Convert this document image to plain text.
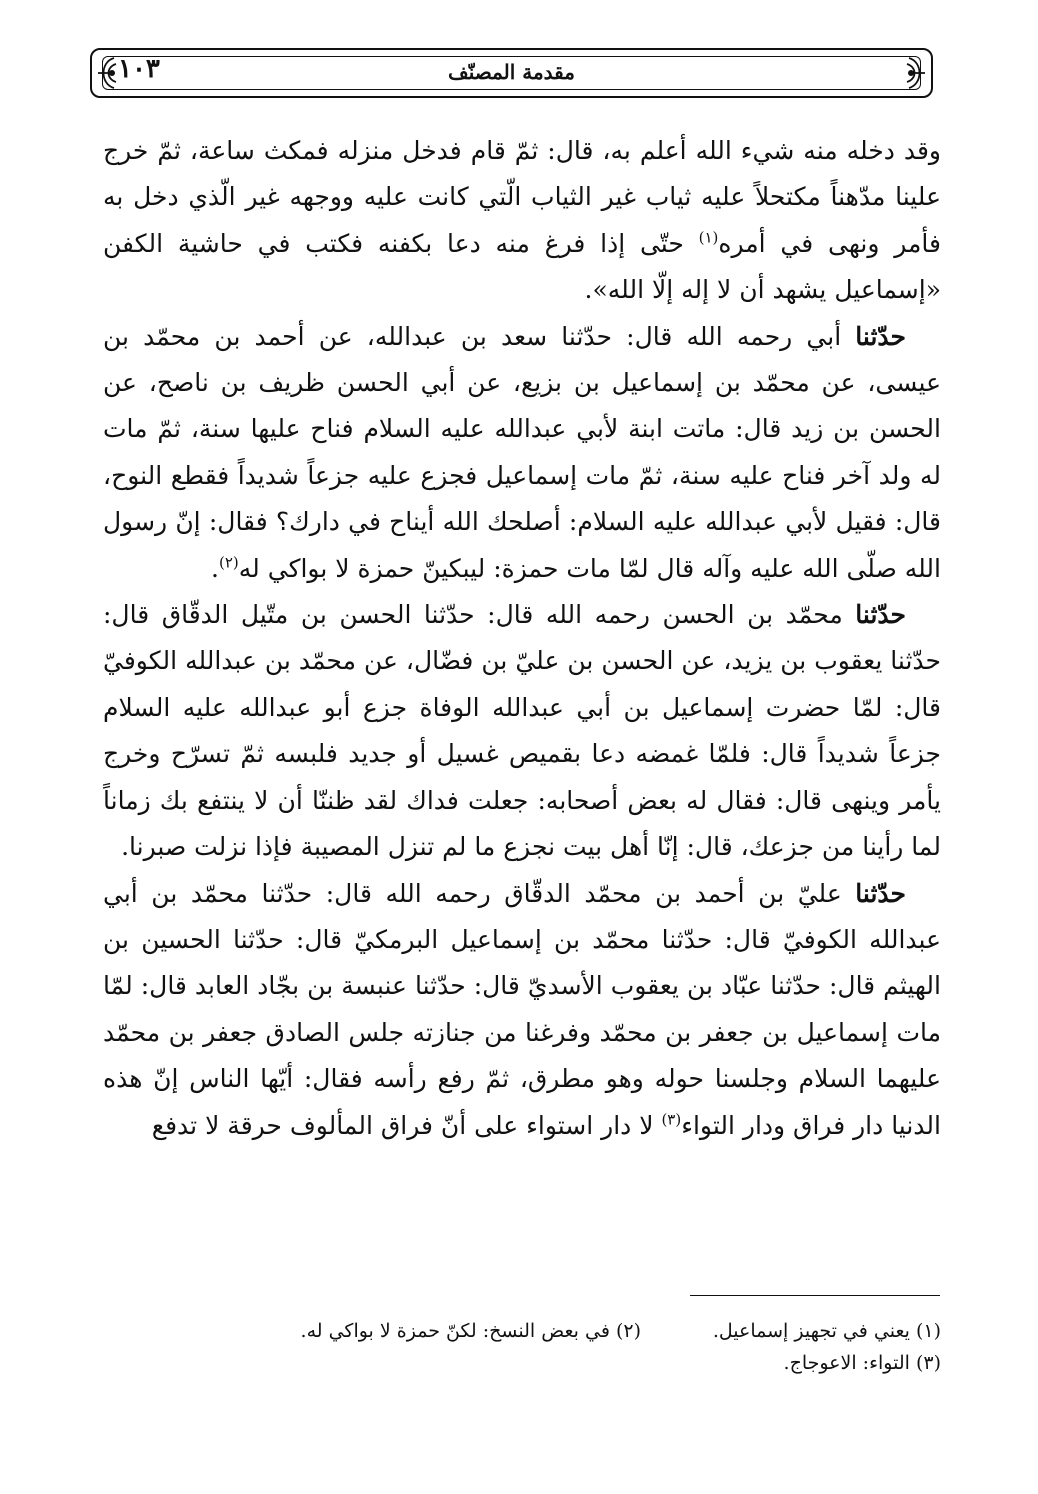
مقدمة المصنّف
١٠٣

وقد دخله منه شيء الله أعلم به، قال: ثمّ قام فدخل منزله فمكث ساعة، ثمّ خرج علينا مدّهناً مكتحلاً عليه ثياب غير الثياب الّتي كانت عليه ووجهه غير الّذي دخل به فأمر ونهى في أمره$^{(١)}$ حتّى إذا فرغ منه دعا بكفنه فكتب في حاشية الكفن «إسماعيل يشهد أن لا إله إلّا الله».

حدّثنا أبي رحمه الله قال: حدّثنا سعد بن عبدالله، عن أحمد بن محمّد بن عيسى، عن محمّد بن إسماعيل بن بزيع، عن أبي الحسن ظريف بن ناصح، عن الحسن بن زيد قال: ماتت ابنة لأبي عبدالله عليه السلام فناح عليها سنة، ثمّ مات له ولد آخر فناح عليه سنة، ثمّ مات إسماعيل فجزع عليه جزعاً شديداً فقطع النوح، قال: فقيل لأبي عبدالله عليه السلام: أصلحك الله أيناح في دارك؟ فقال: إنّ رسول الله صلّى الله عليه وآله قال لمّا مات حمزة: ليبكينّ حمزة لا بواكي له$^{(٢)}$.

حدّثنا محمّد بن الحسن رحمه الله قال: حدّثنا الحسن بن متّيل الدقّاق قال: حدّثنا يعقوب بن يزيد، عن الحسن بن عليّ بن فضّال، عن محمّد بن عبدالله الكوفيّ قال: لمّا حضرت إسماعيل بن أبي عبدالله الوفاة جزع أبو عبدالله عليه السلام جزعاً شديداً قال: فلمّا غمضه دعا بقميص غسيل أو جديد فلبسه ثمّ تسرّح وخرج يأمر وينهى قال: فقال له بعض أصحابه: جعلت فداك لقد ظننّا أن لا ينتفع بك زماناً لما رأينا من جزعك، قال: إنّا أهل بيت نجزع ما لم تنزل المصيبة فإذا نزلت صبرنا.

حدّثنا عليّ بن أحمد بن محمّد الدقّاق رحمه الله قال: حدّثنا محمّد بن أبي عبدالله الكوفيّ قال: حدّثنا محمّد بن إسماعيل البرمكيّ قال: حدّثنا الحسين بن الهيثم قال: حدّثنا عبّاد بن يعقوب الأسديّ قال: حدّثنا عنبسة بن بجّاد العابد قال: لمّا مات إسماعيل بن جعفر بن محمّد وفرغنا من جنازته جلس الصادق جعفر بن محمّد عليهما السلام وجلسنا حوله وهو مطرق، ثمّ رفع رأسه فقال: أيّها الناس إنّ هذه الدنيا دار فراق ودار التواء$^{(٣)}$ لا دار استواء على أنّ فراق المألوف حرقة لا تدفع

(١) يعني في تجهيز إسماعيل.
(٢) في بعض النسخ: لكنّ حمزة لا بواكي له.
(٣) التواء: الاعوجاج.
